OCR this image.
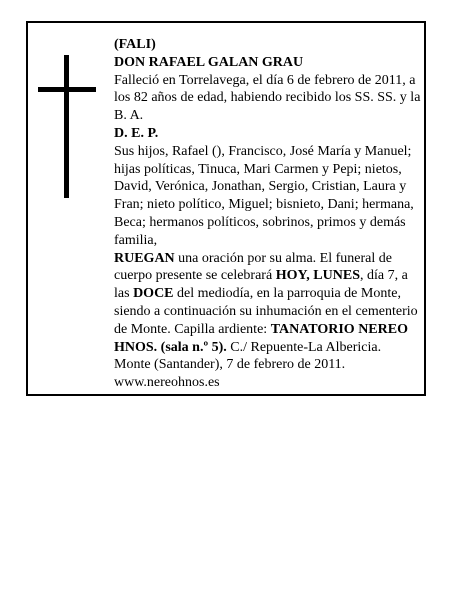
(FALI)

DON RAFAEL GALAN GRAU

Falleció en Torrelavega, el día 6 de febrero de 2011, a los 82 años de edad, habiendo recibido los SS. SS. y la B. A.

D. E. P.

Sus hijos, Rafael (), Francisco, José María y Manuel; hijas políticas, Tinuca, Mari Carmen y Pepi; nietos, David, Verónica, Jonathan, Sergio, Cristian, Laura y Fran; nieto político, Miguel; bisnieto, Dani; hermana, Beca; hermanos políticos, sobrinos, primos y demás familia,

RUEGAN una oración por su alma. El funeral de cuerpo presente se celebrará HOY, LUNES, día 7, a las DOCE del mediodía, en la parroquia de Monte, siendo a continuación su inhumación en el cementerio de Monte. Capilla ardiente: TANATORIO NEREO HNOS. (sala n.º 5). C./ Repuente-La Albericia.

Monte (Santander), 7 de febrero de 2011.

www.nereohnos.es
